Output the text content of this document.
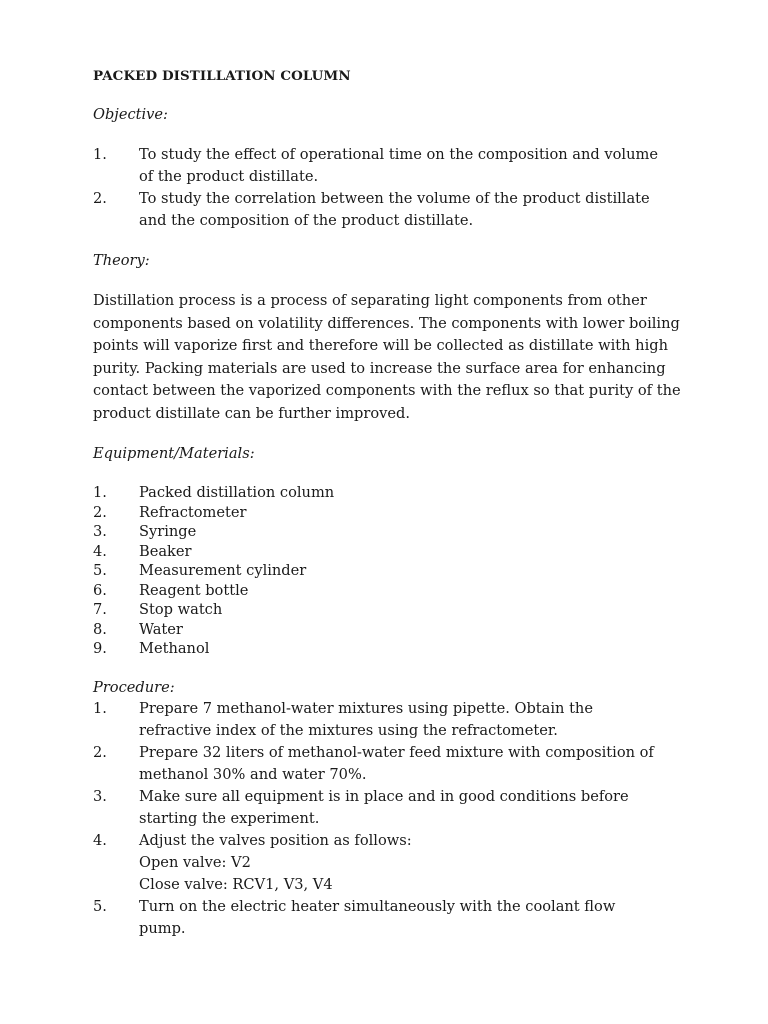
PACKED DISTILLATION COLUMN
Objective:
1.	To study the effect of operational time on the composition and volume
of the product distillate.
2.	To study the correlation between the volume of the product distillate
and the composition of the product distillate.
Theory:

Distillation process is a process of separating light components from other components based on volatility differences. The components with lower boiling points will vaporize first and therefore will be collected as distillate with high purity. Packing materials are used to increase the surface area for enhancing contact between the vaporized components with the reflux so that purity of the product distillate can be further improved.

Equipment/Materials:
1.	Packed distillation column
2.	Refractometer
3.	Syringe
4.	Beaker
5.	Measurement cylinder
6.	Reagent bottle
7.	Stop watch
8.	Water
9.	Methanol
Procedure:
1.	Prepare 7 methanol-water mixtures using pipette. Obtain the
refractive index of the mixtures using the refractometer.
2.	Prepare 32 liters of methanol-water feed mixture with composition of
methanol 30% and water 70%.
3.	Make sure all equipment is in place and in good conditions before
starting the experiment.
4.	Adjust the valves position as follows:
Open valve: V2
Close valve: RCV1, V3, V4
5.	Turn on the electric heater simultaneously with the coolant flow
pump.
